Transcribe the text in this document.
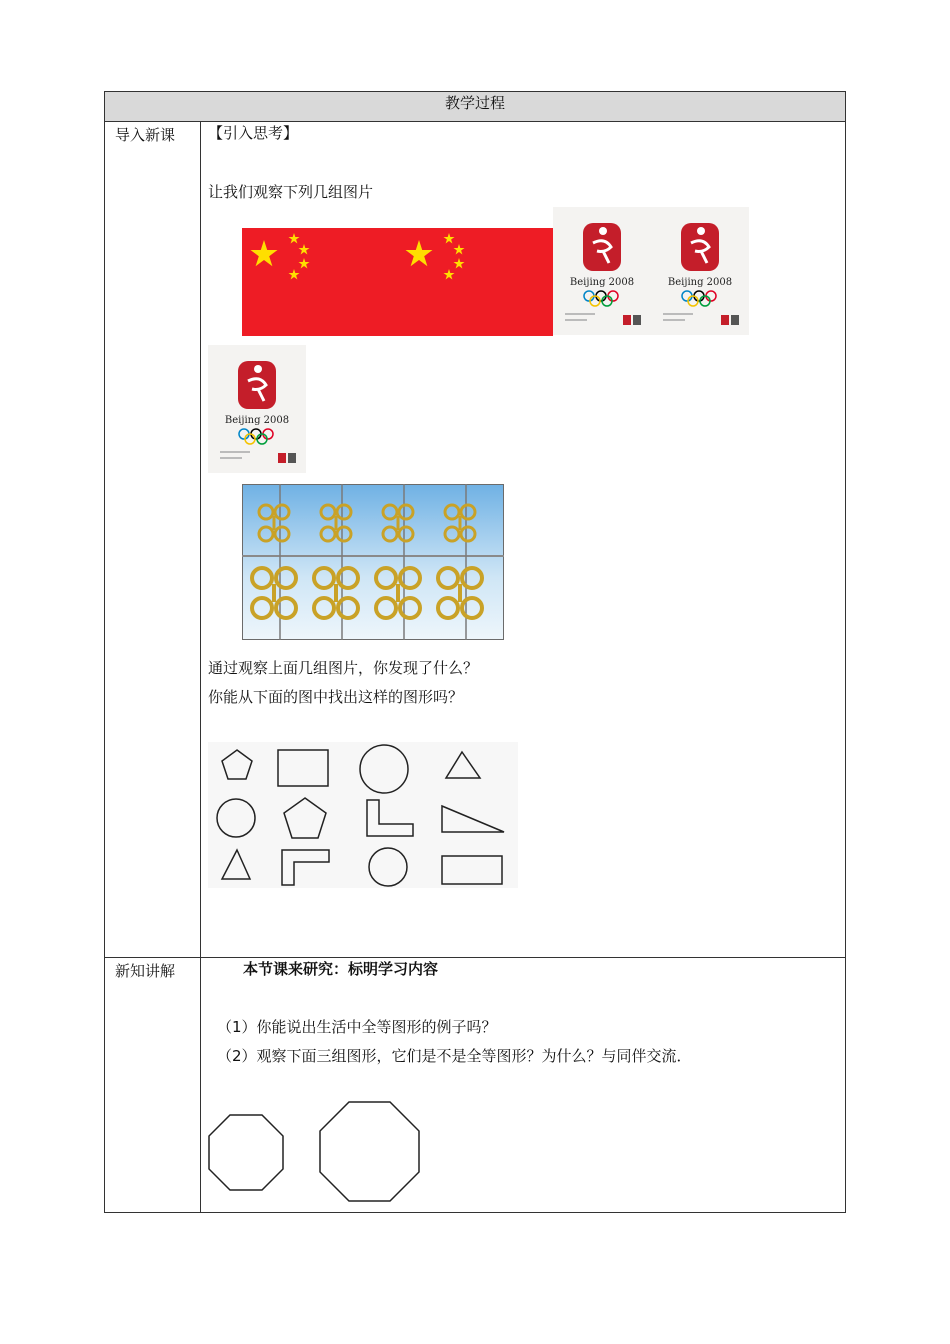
教学过程
导入新课
新知讲解
【引入思考】
让我们观察下列几组图片
Beijing 2008	Beijing 2008
Beijing 2008
通过观察上面几组图片，你发现了什么？
你能从下面的图中找出这样的图形吗？
本节课来研究：标明学习内容
（1）你能说出生活中全等图形的例子吗？
（2）观察下面三组图形，它们是不是全等图形？为什么？与同伴交流．
